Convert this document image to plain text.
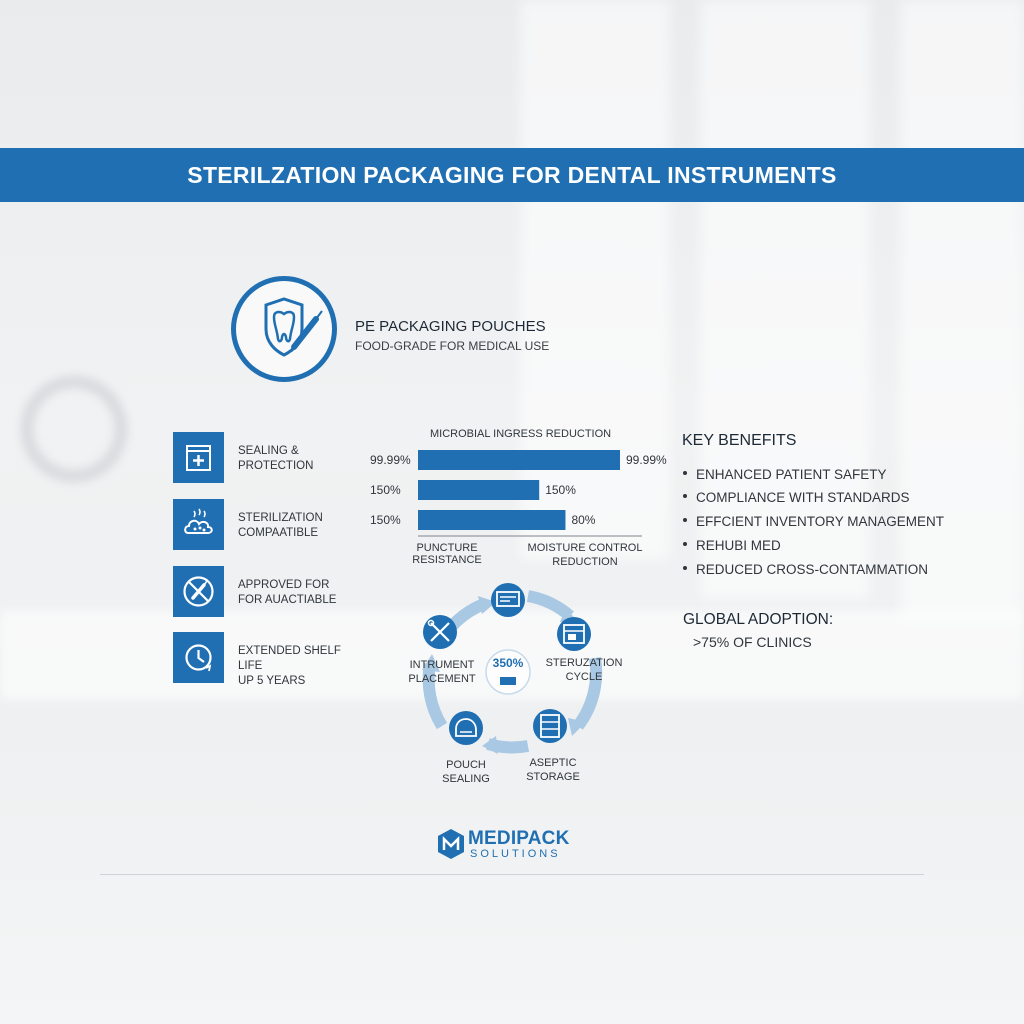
STERILZATION PACKAGING FOR DENTAL INSTRUMENTS
PE PACKAGING POUCHES
FOOD-GRADE FOR MEDICAL USE
SEALING &
PROTECTION
STERILIZATION
COMPAATIBLE
APPROVED FOR
FOR AUACTIABLE
EXTENDED SHELF LIFE
UP 5 YEARS
MICROBIAL INGRESS REDUCTION
99.99%	99.99%
150%	150%
150%	80%
PUNCTURE RESISTANCE
MOISTURE CONTROL
REDUCTION
KEY BENEFITS
ENHANCED PATIENT SAFETY
COMPLIANCE WITH STANDARDS
EFFCIENT INVENTORY MANAGEMENT
REHUBI MED
REDUCED CROSS-CONTAMMATION
GLOBAL ADOPTION:
>75% OF CLINICS
350%	STERUZATION
CYCLE
ASEPTIC
STORAGE
POUCH
SEALING
INTRUMENT
PLACEMENT
MEDIPACK
SOLUTIONS
